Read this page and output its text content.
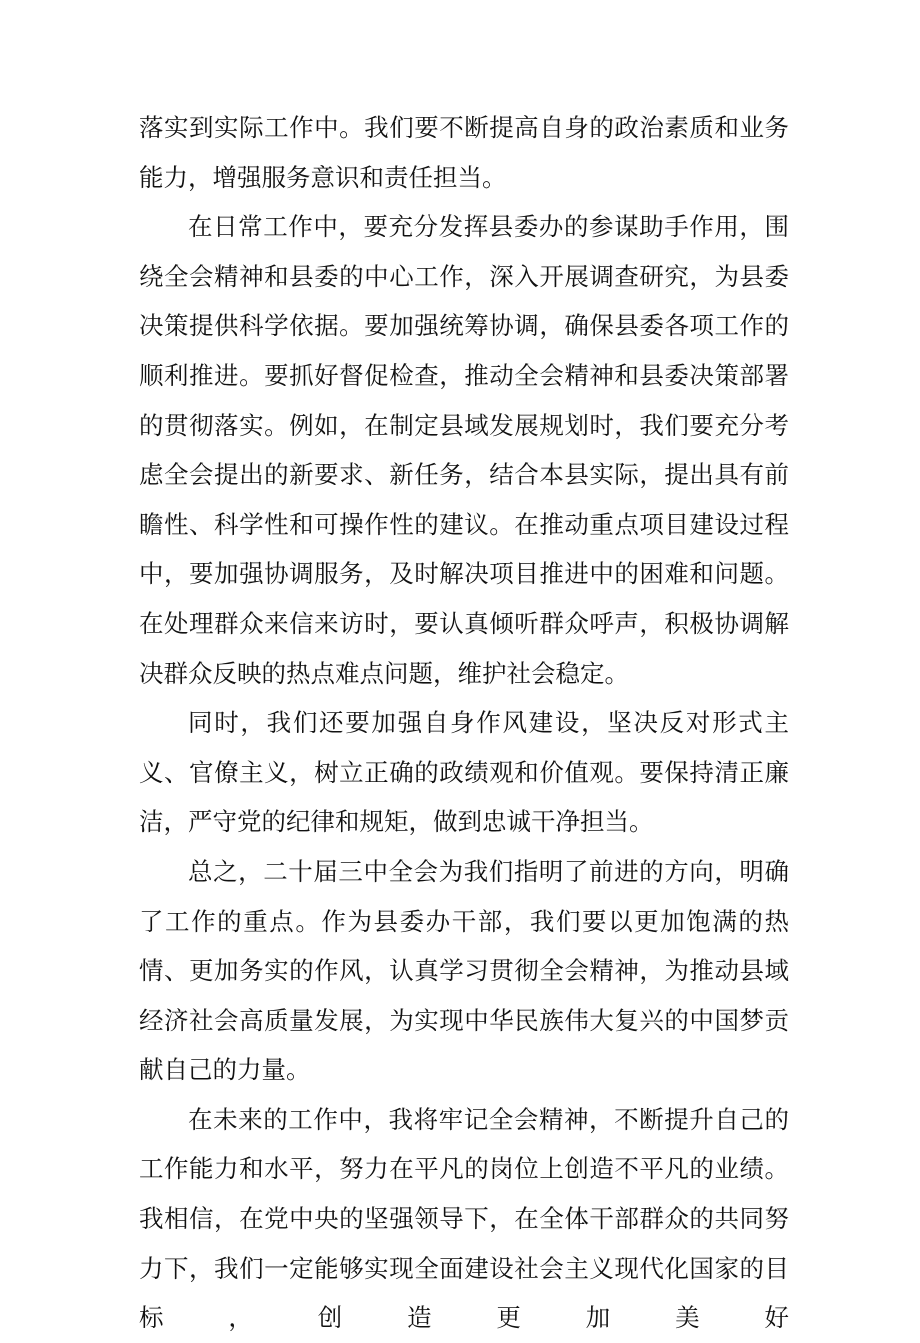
落实到实际工作中。我们要不断提高自身的政治素质和业务能力，增强服务意识和责任担当。

在日常工作中，要充分发挥县委办的参谋助手作用，围绕全会精神和县委的中心工作，深入开展调查研究，为县委决策提供科学依据。要加强统筹协调，确保县委各项工作的顺利推进。要抓好督促检查，推动全会精神和县委决策部署的贯彻落实。例如，在制定县域发展规划时，我们要充分考虑全会提出的新要求、新任务，结合本县实际，提出具有前瞻性、科学性和可操作性的建议。在推动重点项目建设过程中，要加强协调服务，及时解决项目推进中的困难和问题。在处理群众来信来访时，要认真倾听群众呼声，积极协调解决群众反映的热点难点问题，维护社会稳定。

同时，我们还要加强自身作风建设，坚决反对形式主义、官僚主义，树立正确的政绩观和价值观。要保持清正廉洁，严守党的纪律和规矩，做到忠诚干净担当。

总之，二十届三中全会为我们指明了前进的方向，明确了工作的重点。作为县委办干部，我们要以更加饱满的热情、更加务实的作风，认真学习贯彻全会精神，为推动县域经济社会高质量发展，为实现中华民族伟大复兴的中国梦贡献自己的力量。

在未来的工作中，我将牢记全会精神，不断提升自己的工作能力和水平，努力在平凡的岗位上创造不平凡的业绩。我相信，在党中央的坚强领导下，在全体干部群众的共同努力下，我们一定能够实现全面建设社会主义现代化国家的目标，创造更加美好
